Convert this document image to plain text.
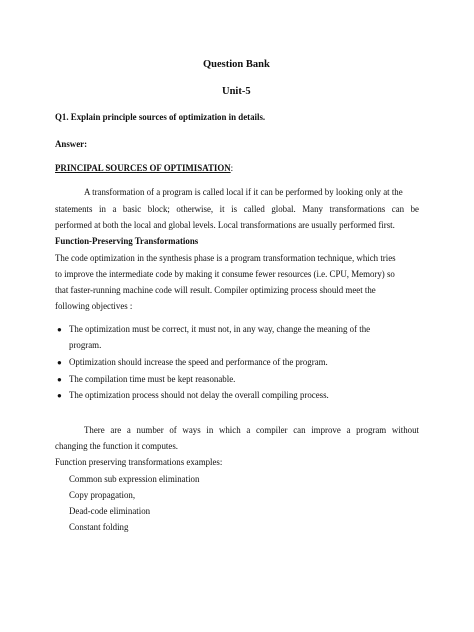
Question Bank
Unit-5
Q1. Explain principle sources of optimization in details.
Answer:
PRINCIPAL SOURCES OF OPTIMISATION:
A transformation of a program is called local if it can be performed by looking only at the
statements in a basic block; otherwise, it is called global. Many transformations can be
performed at both the local and global levels. Local transformations are usually performed first.
Function-Preserving Transformations
The code optimization in the synthesis phase is a program transformation technique, which tries
to improve the intermediate code by making it consume fewer resources (i.e. CPU, Memory) so
that faster-running machine code will result. Compiler optimizing process should meet the
following objectives :
● The optimization must be correct, it must not, in any way, change the meaning of the
program.
● Optimization should increase the speed and performance of the program.
● The compilation time must be kept reasonable.
● The optimization process should not delay the overall compiling process.
There are a number of ways in which a compiler can improve a program without
changing the function it computes.
Function preserving transformations examples:
Common sub expression elimination
Copy propagation,
Dead-code elimination
Constant folding
